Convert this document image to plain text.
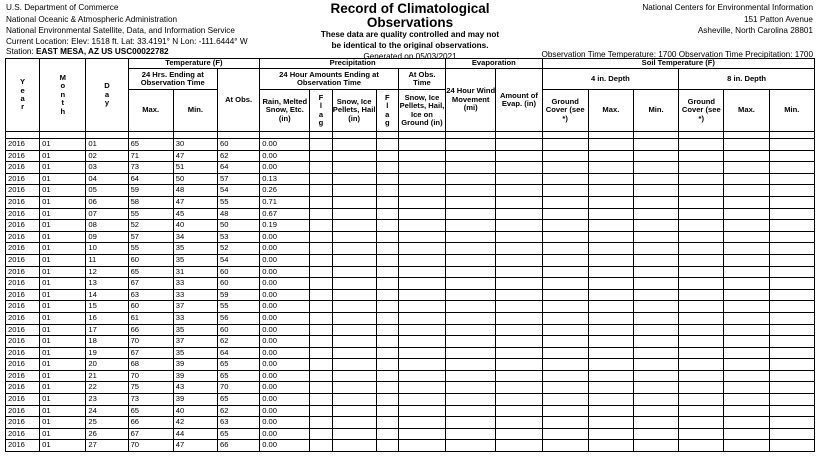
U.S. Department of Commerce
National Oceanic & Atmospheric Administration
National Environmental Satellite, Data, and Information Service
Record of Climatological
Observations
These data are quality controlled and may not
be identical to the original observations.
Generated on 05/03/2021
National Centers for Environmental Information
151 Patton Avenue
Asheville, North Carolina 28801
Observation Time Temperature: 1700 Observation Time Precipitation: 1700
Current Location: Elev: 1518 ft. Lat: 33.4191° N Lon: -111.6444° W
Station: EAST MESA, AZ US USC00022782
Y e a r	M o n t h	D a y	Temperature (F)			Precipitation					Evaporation		Soil Temperature (F)					
			24 Hrs. Ending at Observation Time		At Obs.	24 Hour Amounts Ending at Observation Time				At Obs. Time	24 Hour Wind Movement (mi)	Amount of Evap. (in)	4 in. Depth			8 in. Depth		
			Max.	Min.		Rain, Melted Snow, Etc. (in)	F l a g	Snow, Ice Pellets, Hail (in)	F l a g	Snow, Ice Pellets, Hail, Ice on Ground (in)			Ground Cover (see *)	Max.	Min.	Ground Cover (see *)	Max.	Min.

2016	01	01	65	30	60	0.00												
2016	01	02	71	47	62	0.00												
2016	01	03	73	51	64	0.00												
2016	01	04	64	50	57	0.13												
2016	01	05	59	48	54	0.26												
2016	01	06	58	47	55	0.71												
2016	01	07	55	45	48	0.67												
2016	01	08	52	40	50	0.19												
2016	01	09	57	34	53	0.00												
2016	01	10	55	35	52	0.00												
2016	01	11	60	35	54	0.00												
2016	01	12	65	31	60	0.00												
2016	01	13	67	33	60	0.00												
2016	01	14	63	33	59	0.00												
2016	01	15	60	37	55	0.00												
2016	01	16	61	33	56	0.00												
2016	01	17	66	35	60	0.00												
2016	01	18	70	37	62	0.00												
2016	01	19	67	35	64	0.00												
2016	01	20	68	39	65	0.00												
2016	01	21	70	39	65	0.00												
2016	01	22	75	43	70	0.00												
2016	01	23	73	39	65	0.00												
2016	01	24	65	40	62	0.00												
2016	01	25	66	42	63	0.00												
2016	01	26	67	44	65	0.00												
2016	01	27	70	47	66	0.00												
